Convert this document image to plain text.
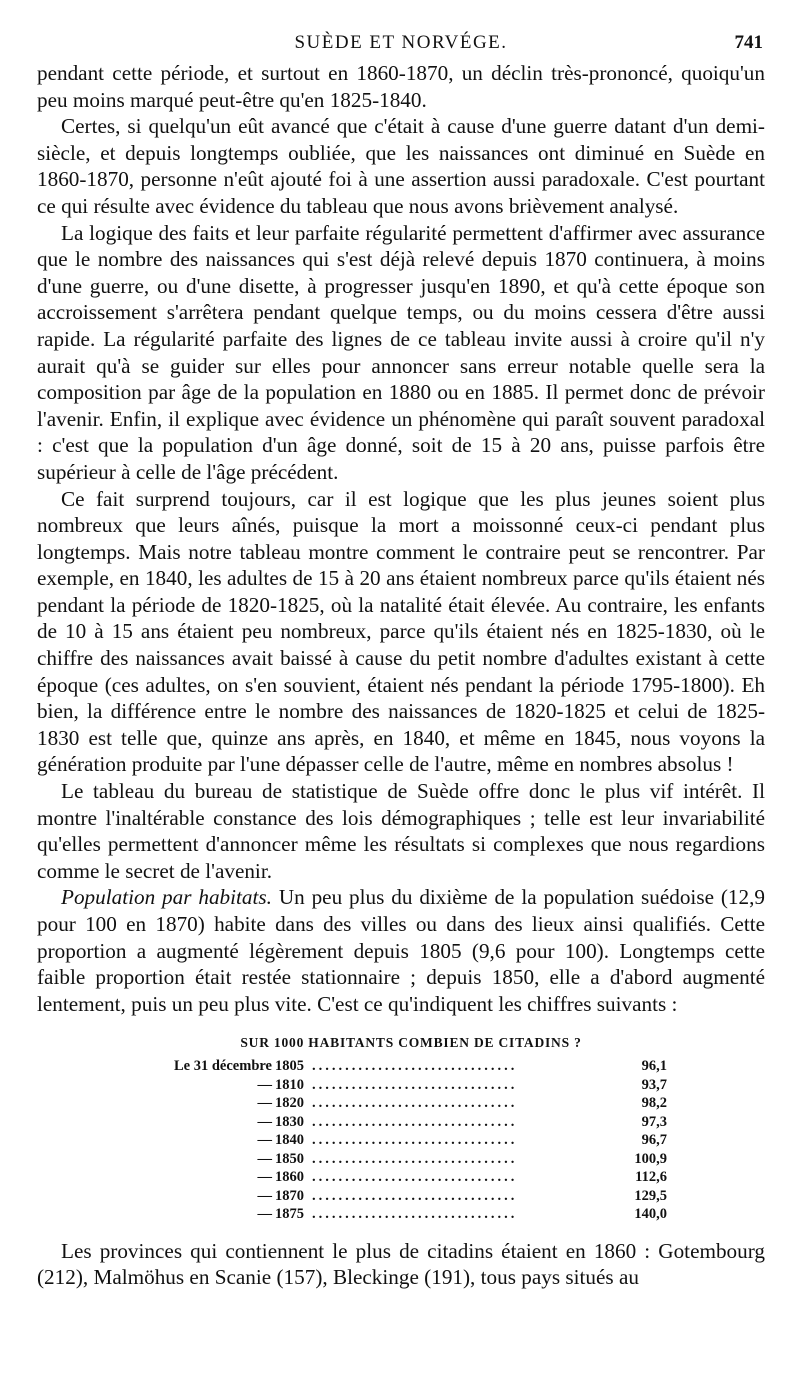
SUÈDE ET NORVÉGE.	741

pendant cette période, et surtout en 1860-1870, un déclin très-prononcé, quoiqu'un peu moins marqué peut-être qu'en 1825-1840.

Certes, si quelqu'un eût avancé que c'était à cause d'une guerre datant d'un demi-siècle, et depuis longtemps oubliée, que les naissances ont diminué en Suède en 1860-1870, personne n'eût ajouté foi à une assertion aussi paradoxale. C'est pourtant ce qui résulte avec évidence du tableau que nous avons brièvement analysé.

La logique des faits et leur parfaite régularité permettent d'affirmer avec assurance que le nombre des naissances qui s'est déjà relevé depuis 1870 continuera, à moins d'une guerre, ou d'une disette, à progresser jusqu'en 1890, et qu'à cette époque son accroissement s'arrêtera pendant quelque temps, ou du moins cessera d'être aussi rapide. La régularité parfaite des lignes de ce tableau invite aussi à croire qu'il n'y aurait qu'à se guider sur elles pour annoncer sans erreur notable quelle sera la composition par âge de la population en 1880 ou en 1885. Il permet donc de prévoir l'avenir. Enfin, il explique avec évidence un phénomène qui paraît souvent paradoxal : c'est que la population d'un âge donné, soit de 15 à 20 ans, puisse parfois être supérieur à celle de l'âge précédent.

Ce fait surprend toujours, car il est logique que les plus jeunes soient plus nombreux que leurs aînés, puisque la mort a moissonné ceux-ci pendant plus longtemps. Mais notre tableau montre comment le contraire peut se rencontrer. Par exemple, en 1840, les adultes de 15 à 20 ans étaient nombreux parce qu'ils étaient nés pendant la période de 1820-1825, où la natalité était élevée. Au contraire, les enfants de 10 à 15 ans étaient peu nombreux, parce qu'ils étaient nés en 1825-1830, où le chiffre des naissances avait baissé à cause du petit nombre d'adultes existant à cette époque (ces adultes, on s'en souvient, étaient nés pendant la période 1795-1800). Eh bien, la différence entre le nombre des naissances de 1820-1825 et celui de 1825-1830 est telle que, quinze ans après, en 1840, et même en 1845, nous voyons la génération produite par l'une dépasser celle de l'autre, même en nombres absolus !

Le tableau du bureau de statistique de Suède offre donc le plus vif intérêt. Il montre l'inaltérable constance des lois démographiques ; telle est leur invariabilité qu'elles permettent d'annoncer même les résultats si complexes que nous regardions comme le secret de l'avenir.

Population par habitats. Un peu plus du dixième de la population suédoise (12,9 pour 100 en 1870) habite dans des villes ou dans des lieux ainsi qualifiés. Cette proportion a augmenté légèrement depuis 1805 (9,6 pour 100). Longtemps cette faible proportion était restée stationnaire ; depuis 1850, elle a d'abord augmenté lentement, puis un peu plus vite. C'est ce qu'indiquent les chiffres suivants :

SUR 1000 HABITANTS COMBIEN DE CITADINS ?
Le 31 décembre 1805 ...............................	96,1
— 1810 ...............................	93,7
— 1820 ...............................	98,2
— 1830 ...............................	97,3
— 1840 ...............................	96,7
— 1850 ...............................	100,9
— 1860 ...............................	112,6
— 1870 ...............................	129,5
— 1875 ...............................	140,0

Les provinces qui contiennent le plus de citadins étaient en 1860 : Gotembourg (212), Malmöhus en Scanie (157), Bleckinge (191), tous pays situés au
